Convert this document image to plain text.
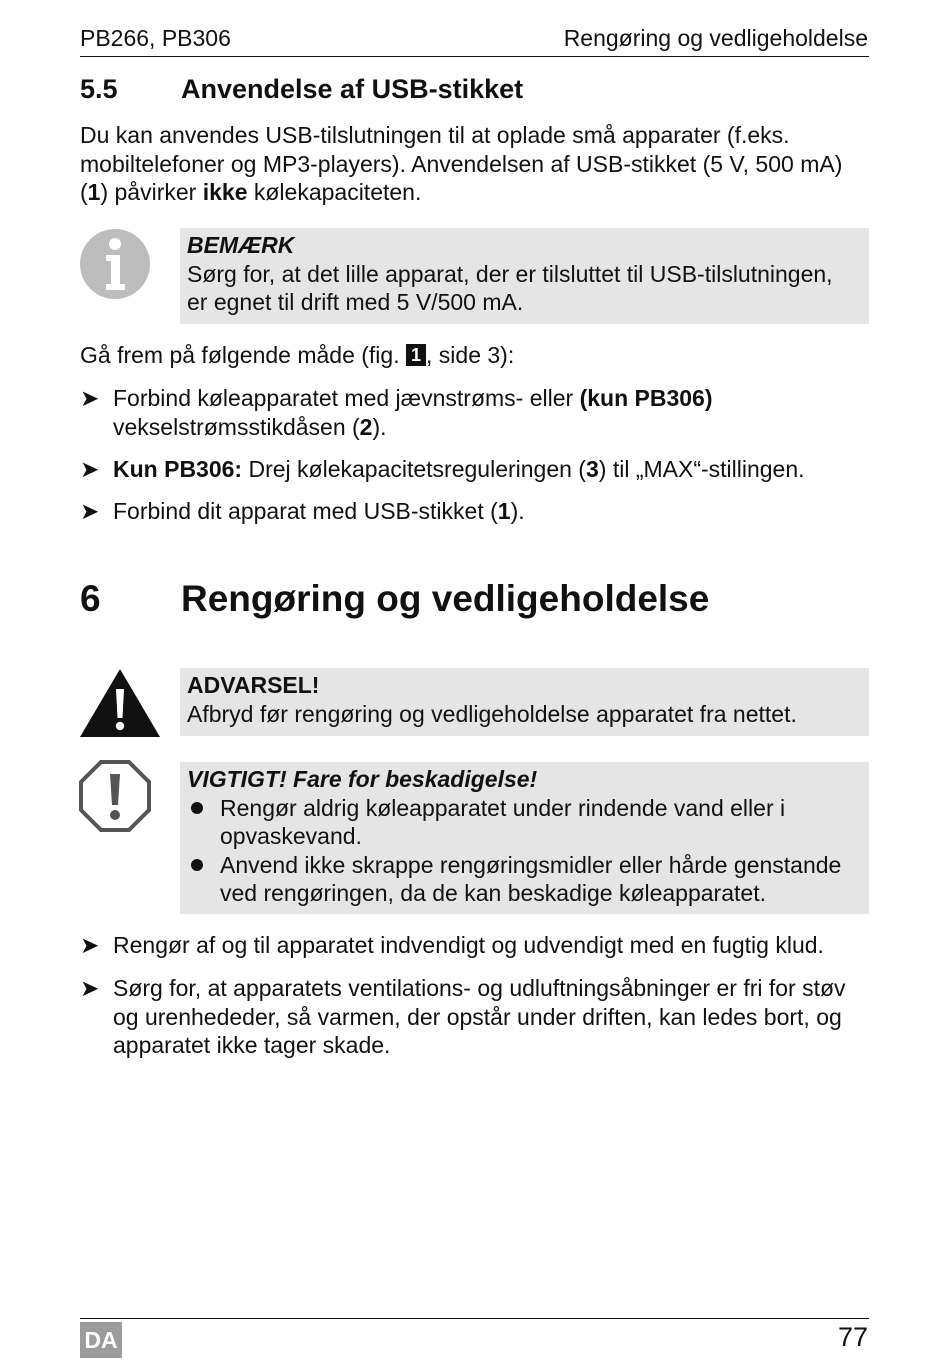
PB266, PB306	Rengøring og vedligeholdelse
5.5 Anvendelse af USB-stikket
Du kan anvendes USB-tilslutningen til at oplade små apparater (f.eks.
mobiltelefoner og MP3-players). Anvendelsen af USB-stikket (5 V, 500 mA)
(1) påvirker ikke kølekapaciteten.
BEMÆRK
Sørg for, at det lille apparat, der er tilsluttet til USB-tilslutningen,
er egnet til drift med 5 V/500 mA.
Gå frem på følgende måde (fig. 1 , side 3):
➤ Forbind køleapparatet med jævnstrøms- eller (kun PB306)
vekselstrømsstikdåsen (2).
➤ Kun PB306: Drej kølekapacitetsreguleringen (3) til „MAX“-stillingen.
➤ Forbind dit apparat med USB-stikket (1).
6 Rengøring og vedligeholdelse
ADVARSEL!
Afbryd før rengøring og vedligeholdelse apparatet fra nettet.
VIGTIGT! Fare for beskadigelse!
Rengør aldrig køleapparatet under rindende vand eller i
opvaskevand.
Anvend ikke skrappe rengøringsmidler eller hårde genstande
ved rengøringen, da de kan beskadige køleapparatet.
➤ Rengør af og til apparatet indvendigt og udvendigt med en fugtig klud.
➤ Sørg for, at apparatets ventilations- og udluftningsåbninger er fri for støv
og urenhededer, så varmen, der opstår under driften, kan ledes bort, og
apparatet ikke tager skade.
DA	77
